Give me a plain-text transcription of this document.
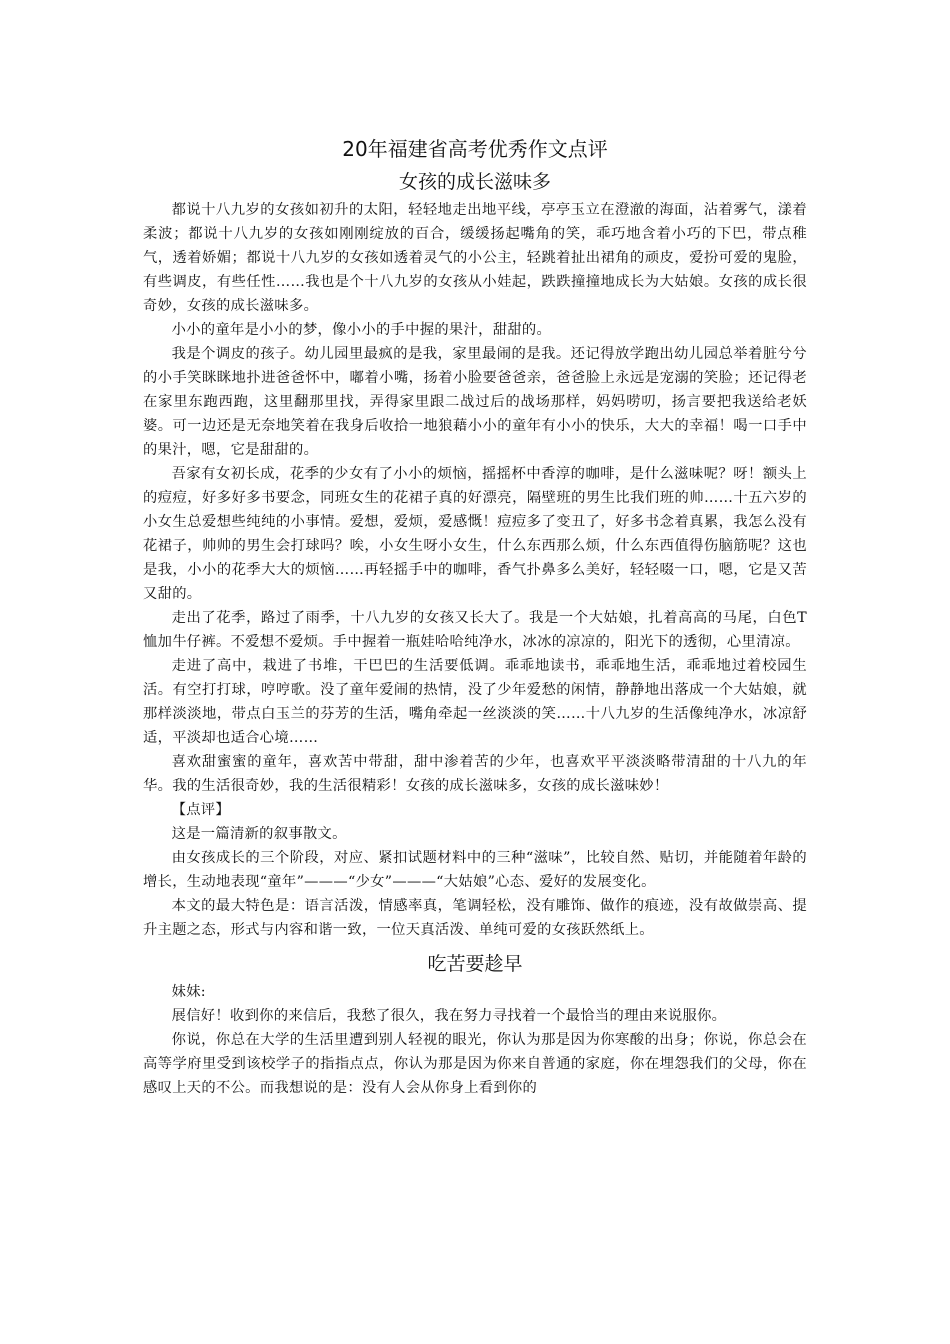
20年福建省高考优秀作文点评
女孩的成长滋味多

都说十八九岁的女孩如初升的太阳，轻轻地走出地平线，亭亭玉立在澄澈的海面，沾着雾气，漾着柔波；都说十八九岁的女孩如刚刚绽放的百合，缓缓扬起嘴角的笑，乖巧地含着小巧的下巴，带点稚气，透着娇媚；都说十八九岁的女孩如透着灵气的小公主，轻跳着扯出裙角的顽皮，爱扮可爱的鬼脸，有些调皮，有些任性……我也是个十八九岁的女孩从小娃起，跌跌撞撞地成长为大姑娘。女孩的成长很奇妙，女孩的成长滋味多。

小小的童年是小小的梦，像小小的手中握的果汁，甜甜的。

我是个调皮的孩子。幼儿园里最疯的是我，家里最闹的是我。还记得放学跑出幼儿园总举着脏兮兮的小手笑眯眯地扑进爸爸怀中，嘟着小嘴，扬着小脸要爸爸亲，爸爸脸上永远是宠溺的笑脸；还记得老在家里东跑西跑，这里翻那里找，弄得家里跟二战过后的战场那样，妈妈唠叨，扬言要把我送给老妖婆。可一边还是无奈地笑着在我身后收拾一地狼藉小小的童年有小小的快乐，大大的幸福！喝一口手中的果汁，嗯，它是甜甜的。

吾家有女初长成，花季的少女有了小小的烦恼，摇摇杯中香淳的咖啡，是什么滋味呢？呀！额头上的痘痘，好多好多书要念，同班女生的花裙子真的好漂亮，隔壁班的男生比我们班的帅……十五六岁的小女生总爱想些纯纯的小事情。爱想，爱烦，爱感慨！痘痘多了变丑了，好多书念着真累，我怎么没有花裙子，帅帅的男生会打球吗？唉，小女生呀小女生，什么东西那么烦，什么东西值得伤脑筋呢？这也是我，小小的花季大大的烦恼……再轻摇手中的咖啡，香气扑鼻多么美好，轻轻啜一口，嗯，它是又苦又甜的。

走出了花季，路过了雨季，十八九岁的女孩又长大了。我是一个大姑娘，扎着高高的马尾，白色T恤加牛仔裤。不爱想不爱烦。手中握着一瓶娃哈哈纯净水，冰冰的凉凉的，阳光下的透彻，心里清凉。

走进了高中，栽进了书堆，干巴巴的生活要低调。乖乖地读书，乖乖地生活，乖乖地过着校园生活。有空打打球，哼哼歌。没了童年爱闹的热情，没了少年爱愁的闲情，静静地出落成一个大姑娘，就那样淡淡地，带点白玉兰的芬芳的生活，嘴角牵起一丝淡淡的笑……十八九岁的生活像纯净水，冰凉舒适，平淡却也适合心境……

喜欢甜蜜蜜的童年，喜欢苦中带甜，甜中渗着苦的少年，也喜欢平平淡淡略带清甜的十八九的年华。我的生活很奇妙，我的生活很精彩！女孩的成长滋味多，女孩的成长滋味妙！

【点评】

这是一篇清新的叙事散文。

由女孩成长的三个阶段，对应、紧扣试题材料中的三种“滋味”，比较自然、贴切，并能随着年龄的增长，生动地表现“童年”———“少女”———“大姑娘”心态、爱好的发展变化。

本文的最大特色是：语言活泼，情感率真，笔调轻松，没有雕饰、做作的痕迹，没有故做崇高、提升主题之态，形式与内容和谐一致，一位天真活泼、单纯可爱的女孩跃然纸上。

吃苦要趁早

妹妹:

展信好！收到你的来信后，我愁了很久，我在努力寻找着一个最恰当的理由来说服你。

你说，你总在大学的生活里遭到别人轻视的眼光，你认为那是因为你寒酸的出身；你说，你总会在高等学府里受到该校学子的指指点点，你认为那是因为你来自普通的家庭，你在埋怨我们的父母，你在感叹上天的不公。而我想说的是：没有人会从你身上看到你的
